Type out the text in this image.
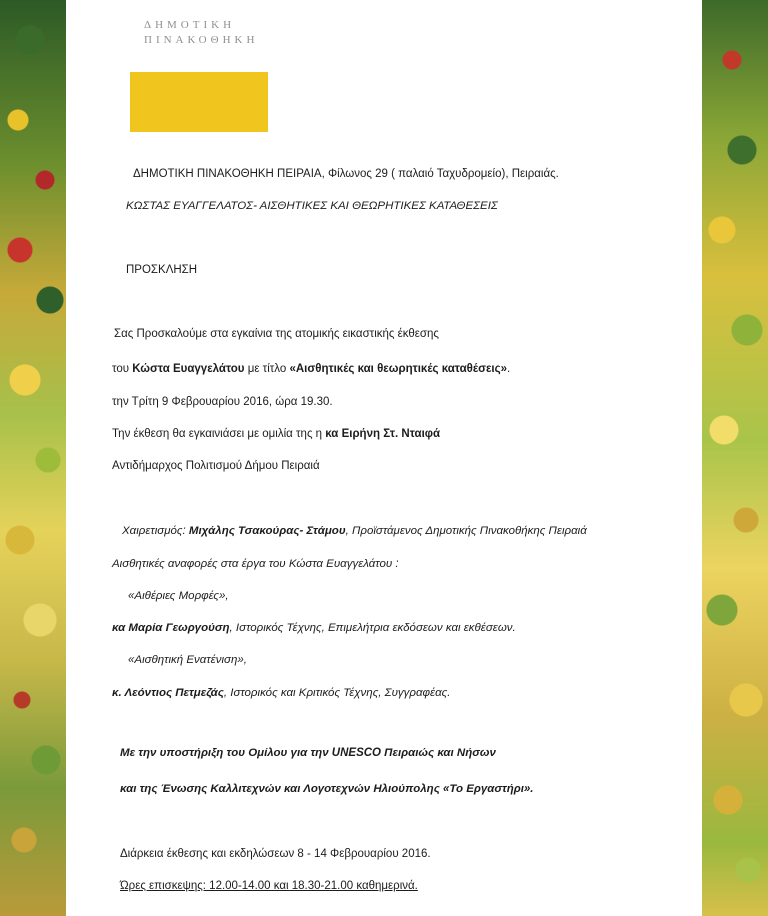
ΔΗΜΟΤΙΚΗ
ΠΙΝΑΚΟΘΗΚΗ
ΔΗΜΟΤΙΚΗ ΠΙΝΑΚΟΘΗΚΗ ΠΕΙΡΑΙΑ, Φίλωνος 29 ( παλαιό Ταχυδρομείο), Πειραιάς.
ΚΩΣΤΑΣ ΕΥΑΓΓΕΛΑΤΟΣ- ΑΙΣΘΗΤΙΚΕΣ ΚΑΙ ΘΕΩΡΗΤΙΚΕΣ ΚΑΤΑΘΕΣΕΙΣ
ΠΡΟΣΚΛΗΣΗ
Σας Προσκαλούμε στα εγκαίνια της ατομικής εικαστικής έκθεσης
του Κώστα Ευαγγελάτου με τίτλο «Αισθητικές και θεωρητικές καταθέσεις».
την Τρίτη 9 Φεβρουαρίου 2016, ώρα 19.30.
Την έκθεση θα εγκαινιάσει με ομιλία της η κα Ειρήνη Στ. Νταιφά
Αντιδήμαρχος Πολιτισμού Δήμου Πειραιά
Χαιρετισμός: Μιχάλης Τσακούρας- Στάμου, Προϊστάμενος Δημοτικής Πινακοθήκης Πειραιά
Αισθητικές αναφορές στα έργα του Κώστα Ευαγγελάτου :
«Αιθέριες Μορφές»,
κα Μαρία Γεωργούση, Ιστορικός Τέχνης, Επιμελήτρια εκδόσεων και εκθέσεων.
«Αισθητική Ενατένιση»,
κ. Λεόντιος Πετμεζάς, Ιστορικός και Κριτικός Τέχνης, Συγγραφέας.
Με την υποστήριξη του Ομίλου για την UNESCO Πειραιώς και Νήσων
και της Ένωσης Καλλιτεχνών και Λογοτεχνών Ηλιούπολης «Το Εργαστήρι».
Διάρκεια έκθεσης και εκδηλώσεων 8 - 14 Φεβρουαρίου 2016.
Ώρες επισκεψης: 12.00-14.00 και 18.30-21.00 καθημερινά.
